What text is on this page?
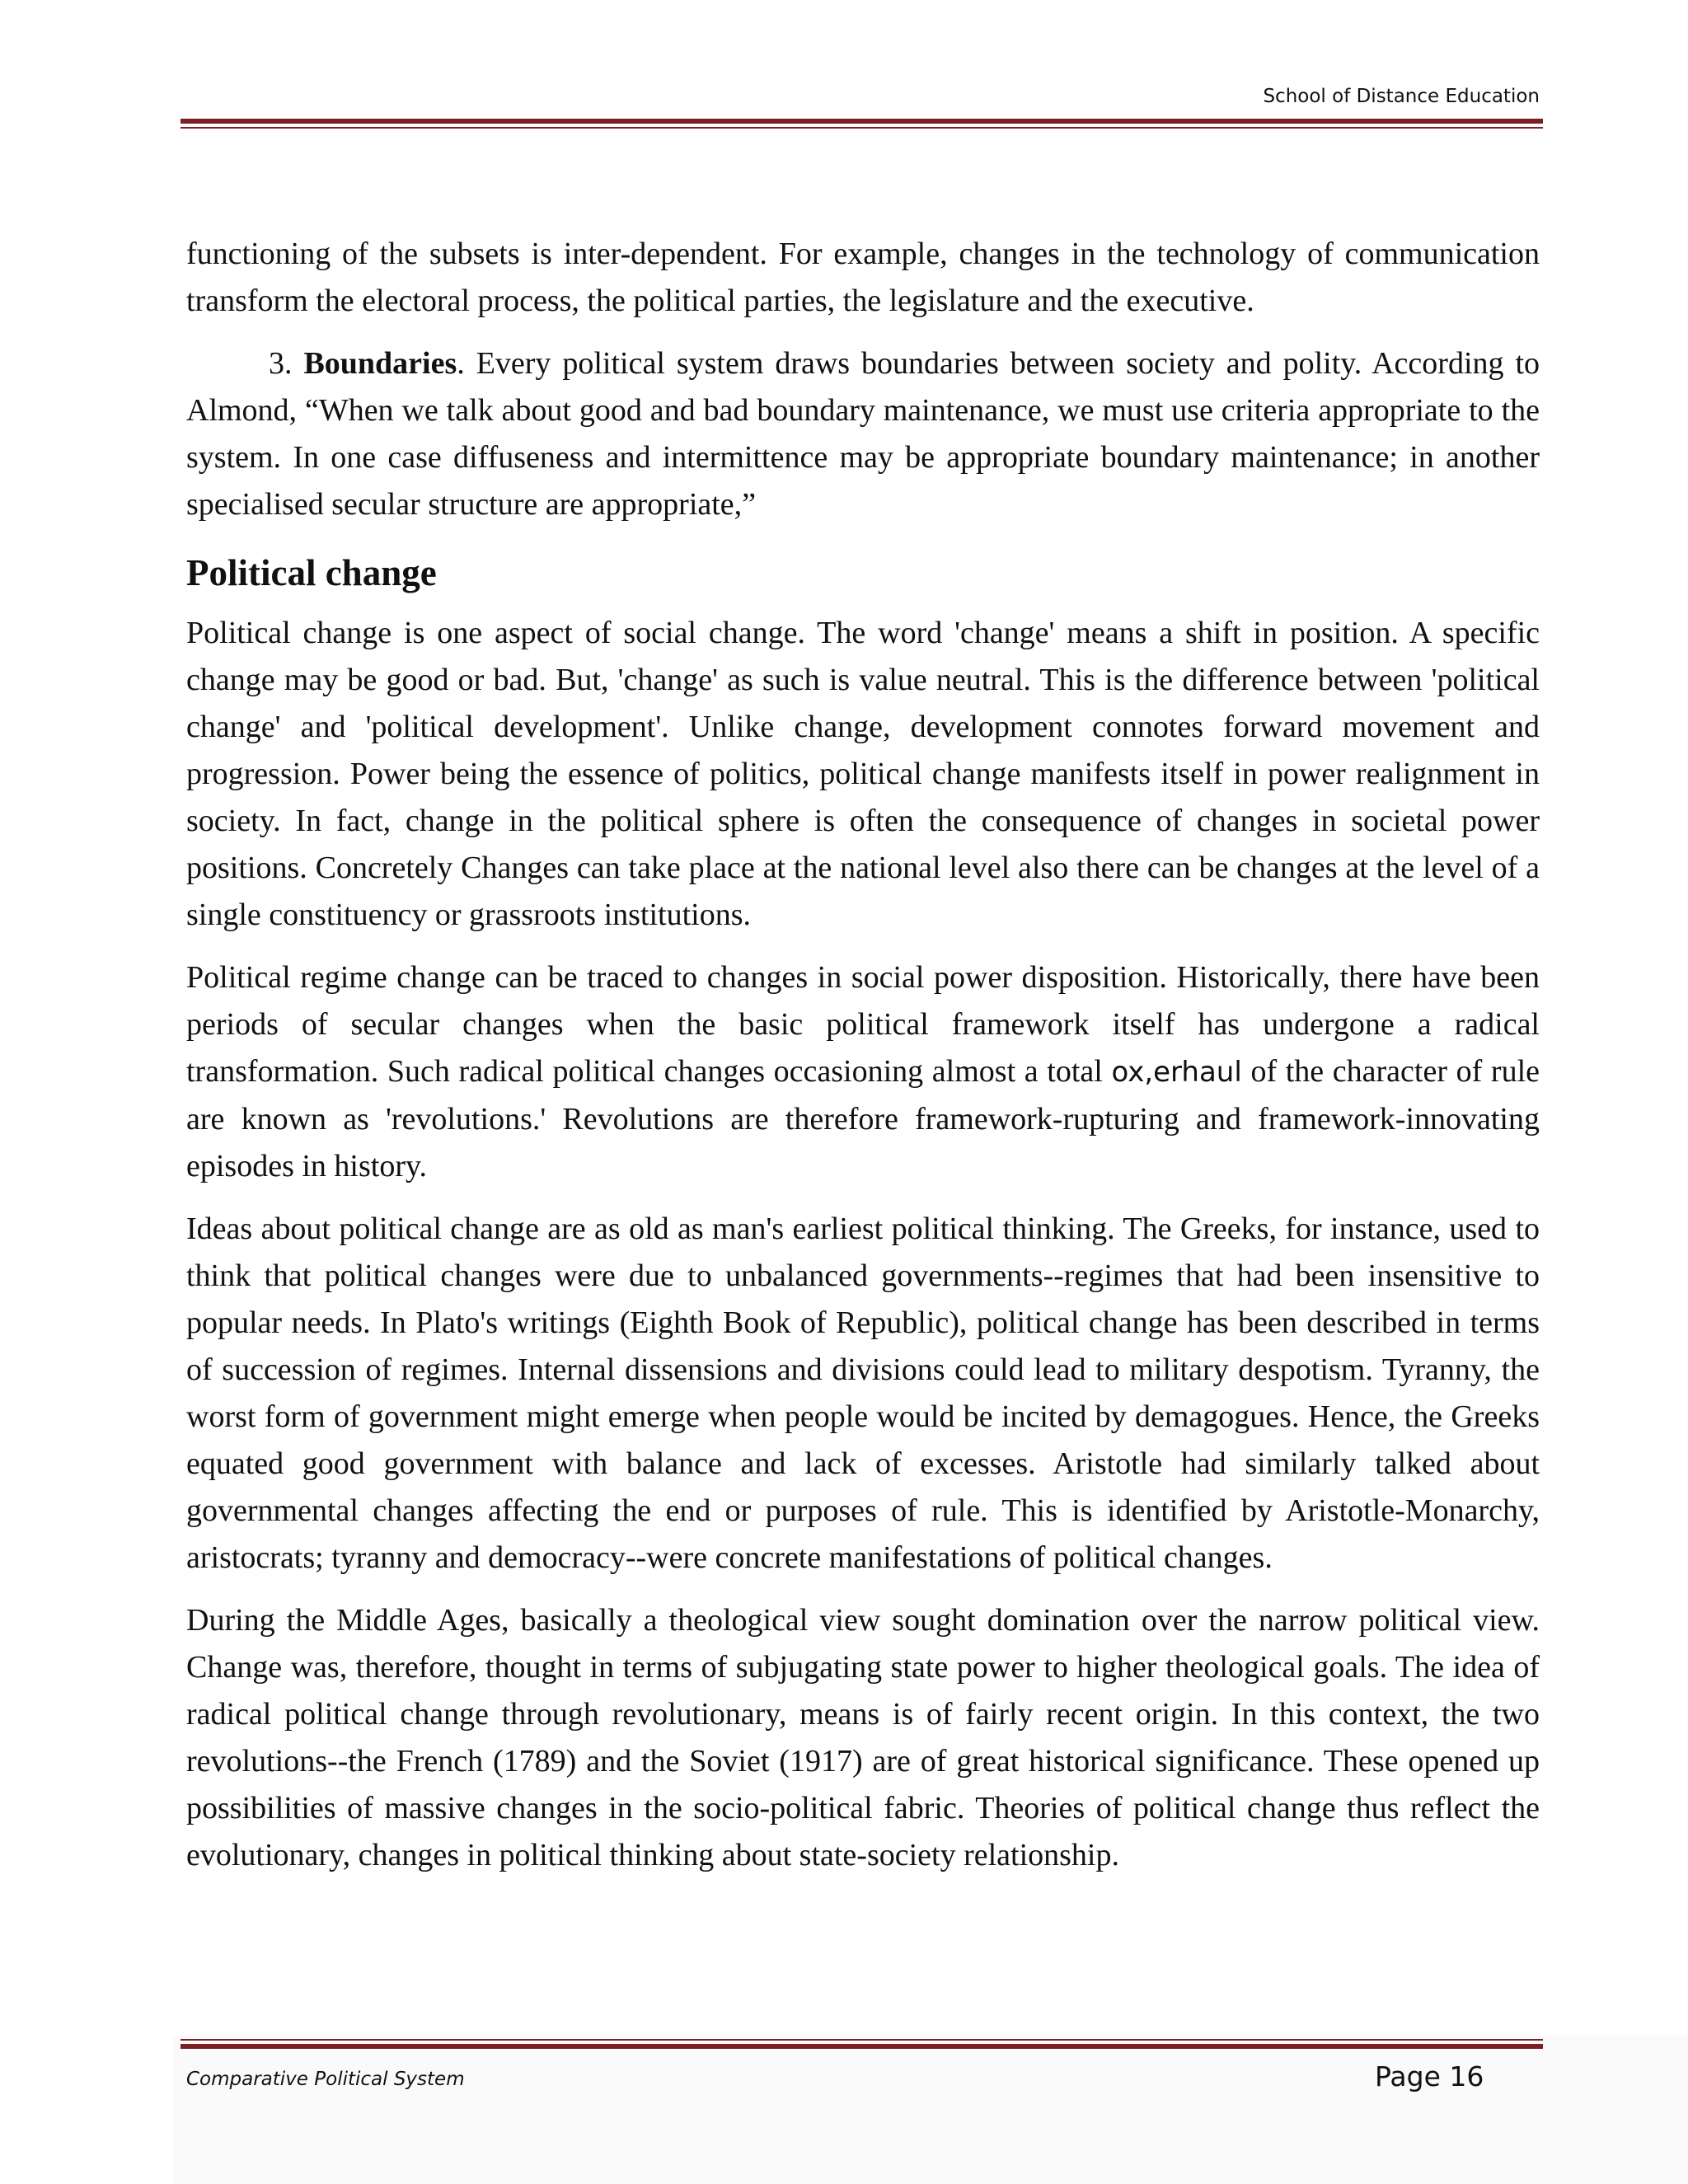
School of Distance Education

functioning of the subsets is inter-dependent. For example, changes in the technology of communication transform the electoral process, the political parties, the legislature and the executive.

3. Boundaries. Every political system draws boundaries between society and polity. According to Almond, “When we talk about good and bad boundary maintenance, we must use criteria appropriate to the system. In one case diffuseness and intermittence may be appropriate boundary maintenance; in another specialised secular structure are appropriate,”

Political change

Political change is one aspect of social change. The word 'change' means a shift in position. A specific change may be good or bad. But, 'change' as such is value neutral. This is the difference between 'political change' and 'political development'. Unlike change, development connotes forward movement and progression. Power being the essence of politics, political change manifests itself in power realignment in society. In fact, change in the political sphere is often the consequence of changes in societal power positions. Concretely Changes can take place at the national level also there can be changes at the level of a single constituency or grassroots institutions.

Political regime change can be traced to changes in social power disposition. Historically, there have been periods of secular changes when the basic political framework itself has undergone a radical transformation. Such radical political changes occasioning almost a total ox,erhaul of the character of rule are known as 'revolutions.' Revolutions are therefore framework-rupturing and framework-innovating episodes in history.

Ideas about political change are as old as man's earliest political thinking. The Greeks, for instance, used to think that political changes were due to unbalanced governments--regimes that had been insensitive to popular needs. In Plato's writings (Eighth Book of Republic), political change has been described in terms of succession of regimes. Internal dissensions and divisions could lead to military despotism. Tyranny, the worst form of government might emerge when people would be incited by demagogues. Hence, the Greeks equated good government with balance and lack of excesses. Aristotle had similarly talked about governmental changes affecting the end or purposes of rule. This is identified by Aristotle-Monarchy, aristocrats; tyranny and democracy--were concrete manifestations of political changes.

During the Middle Ages, basically a theological view sought domination over the narrow political view. Change was, therefore, thought in terms of subjugating state power to higher theological goals. The idea of radical political change through revolutionary, means is of fairly recent origin. In this context, the two revolutions--the French (1789) and the Soviet (1917) are of great historical significance. These opened up possibilities of massive changes in the socio-political fabric. Theories of political change thus reflect the evolutionary, changes in political thinking about state-society relationship.

Comparative Political System	Page 16
